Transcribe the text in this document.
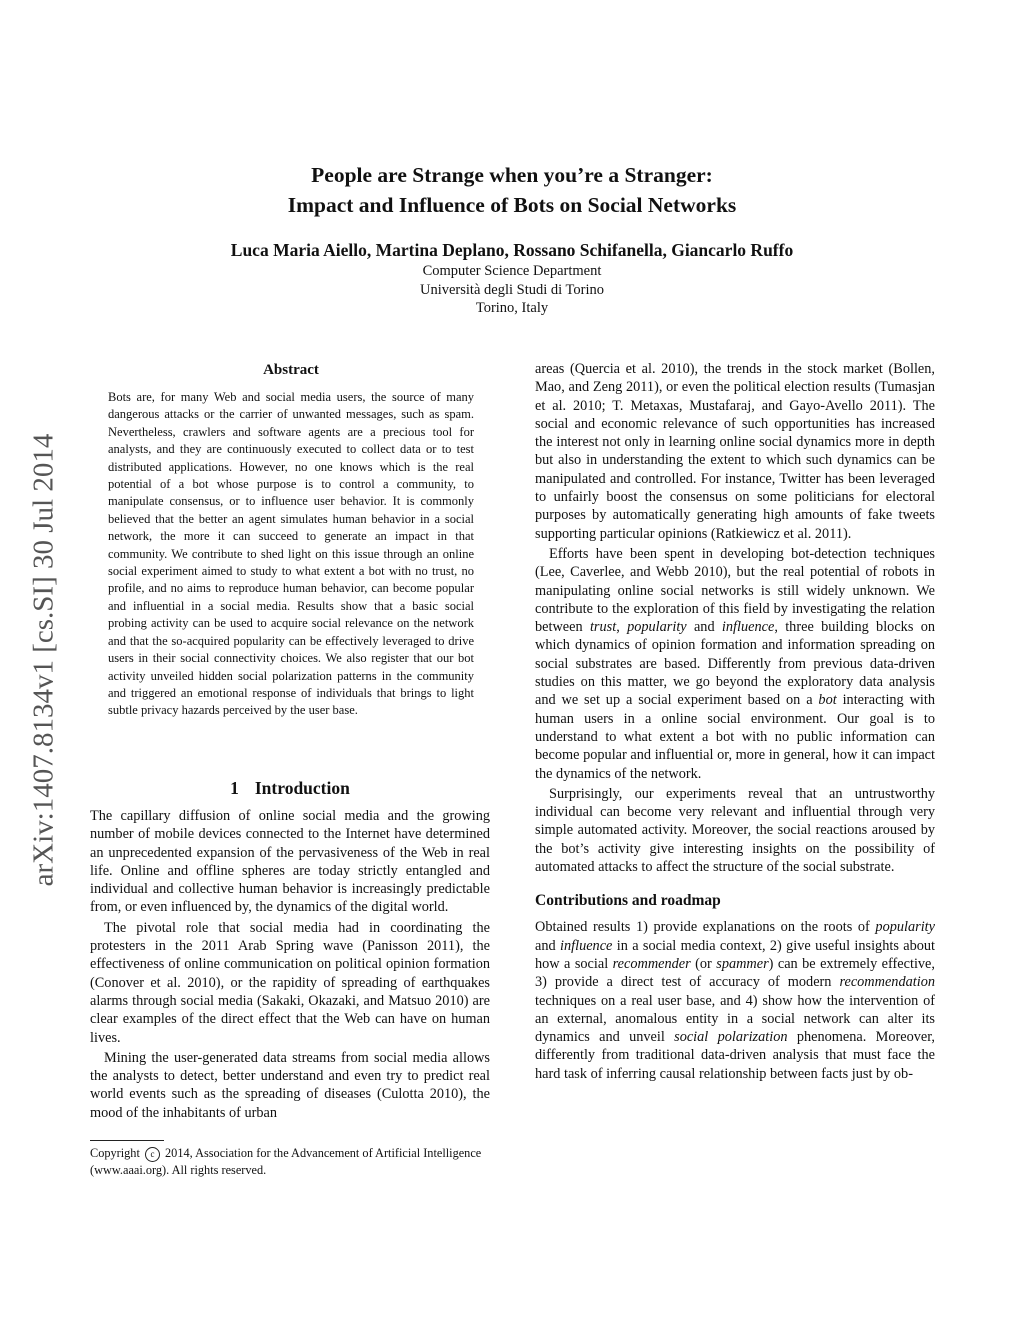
People are Strange when you’re a Stranger:
Impact and Influence of Bots on Social Networks
Luca Maria Aiello, Martina Deplano, Rossano Schifanella, Giancarlo Ruffo
Computer Science Department
Università degli Studi di Torino
Torino, Italy
arXiv:1407.8134v1 [cs.SI] 30 Jul 2014
Abstract

Bots are, for many Web and social media users, the source of many dangerous attacks or the carrier of unwanted messages, such as spam. Nevertheless, crawlers and software agents are a precious tool for analysts, and they are continuously executed to collect data or to test distributed applications. However, no one knows which is the real potential of a bot whose purpose is to control a community, to manipulate consensus, or to influence user behavior. It is commonly believed that the better an agent simulates human behavior in a social network, the more it can succeed to generate an impact in that community. We contribute to shed light on this issue through an online social experiment aimed to study to what extent a bot with no trust, no profile, and no aims to reproduce human behavior, can become popular and influential in a social media. Results show that a basic social probing activity can be used to acquire social relevance on the network and that the so-acquired popularity can be effectively leveraged to drive users in their social connectivity choices. We also register that our bot activity unveiled hidden social polarization patterns in the community and triggered an emotional response of individuals that brings to light subtle privacy hazards perceived by the user base.

1 Introduction

The capillary diffusion of online social media and the growing number of mobile devices connected to the Internet have determined an unprecedented expansion of the pervasiveness of the Web in real life. Online and offline spheres are today strictly entangled and individual and collective human behavior is increasingly predictable from, or even influenced by, the dynamics of the digital world.

The pivotal role that social media had in coordinating the protesters in the 2011 Arab Spring wave (Panisson 2011), the effectiveness of online communication on political opinion formation (Conover et al. 2010), or the rapidity of spreading of earthquakes alarms through social media (Sakaki, Okazaki, and Matsuo 2010) are clear examples of the direct effect that the Web can have on human lives.

Mining the user-generated data streams from social media allows the analysts to detect, better understand and even try to predict real world events such as the spreading of diseases (Culotta 2010), the mood of the inhabitants of urban

Copyright c 2014, Association for the Advancement of Artificial Intelligence (www.aaai.org). All rights reserved.

areas (Quercia et al. 2010), the trends in the stock market (Bollen, Mao, and Zeng 2011), or even the political election results (Tumasjan et al. 2010; T. Metaxas, Mustafaraj, and Gayo-Avello 2011). The social and economic relevance of such opportunities has increased the interest not only in learning online social dynamics more in depth but also in understanding the extent to which such dynamics can be manipulated and controlled. For instance, Twitter has been leveraged to unfairly boost the consensus on some politicians for electoral purposes by automatically generating high amounts of fake tweets supporting particular opinions (Ratkiewicz et al. 2011).

Efforts have been spent in developing bot-detection techniques (Lee, Caverlee, and Webb 2010), but the real potential of robots in manipulating online social networks is still widely unknown. We contribute to the exploration of this field by investigating the relation between trust, popularity and influence, three building blocks on which dynamics of opinion formation and information spreading on social substrates are based. Differently from previous data-driven studies on this matter, we go beyond the exploratory data analysis and we set up a social experiment based on a bot interacting with human users in a online social environment. Our goal is to understand to what extent a bot with no public information can become popular and influential or, more in general, how it can impact the dynamics of the network.

Surprisingly, our experiments reveal that an untrustworthy individual can become very relevant and influential through very simple automated activity. Moreover, the social reactions aroused by the bot’s activity give interesting insights on the possibility of automated attacks to affect the structure of the social substrate.

Contributions and roadmap

Obtained results 1) provide explanations on the roots of popularity and influence in a social media context, 2) give useful insights about how a social recommender (or spammer) can be extremely effective, 3) provide a direct test of accuracy of modern recommendation techniques on a real user base, and 4) show how the intervention of an external, anomalous entity in a social network can alter its dynamics and unveil social polarization phenomena. Moreover, differently from traditional data-driven analysis that must face the hard task of inferring causal relationship between facts just by ob-
